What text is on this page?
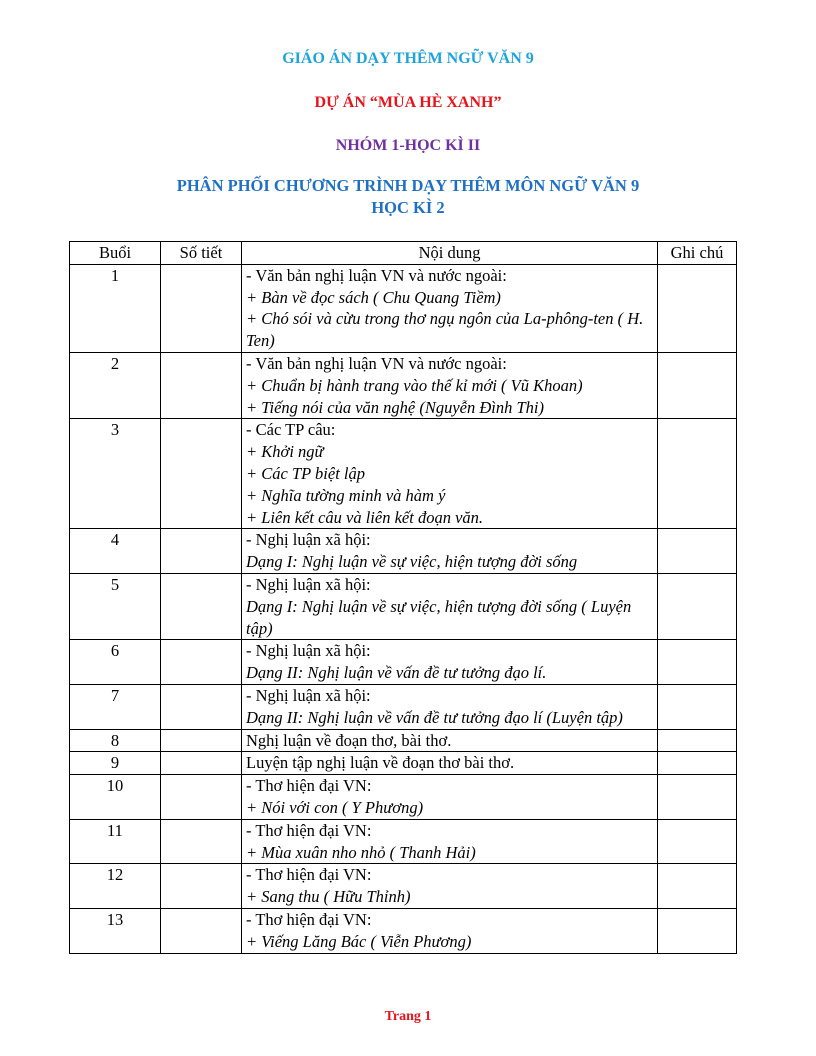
GIÁO ÁN DẠY THÊM NGỮ VĂN 9
DỰ ÁN “MÙA HÈ XANH”
NHÓM 1-HỌC KÌ II
PHÂN PHỐI CHƯƠNG TRÌNH DẠY THÊM MÔN NGỮ VĂN 9
HỌC KÌ 2
Buổi	Số tiết	Nội dung	Ghi chú
1		- Văn bản nghị luận VN và nước ngoài:
+ Bàn về đọc sách ( Chu Quang Tiềm)
+ Chó sói và cừu trong thơ ngụ ngôn của La-phông-ten ( H. Ten)	

2		- Văn bản nghị luận VN và nước ngoài:
+ Chuẩn bị hành trang vào thế kỉ mới ( Vũ Khoan)
+ Tiếng nói của văn nghệ (Nguyễn Đình Thi)	

3		- Các TP câu:
+ Khởi ngữ
+ Các TP biệt lập
+ Nghĩa tường minh và hàm ý
+ Liên kết câu và liên kết đoạn văn.	

4		- Nghị luận xã hội:
Dạng I: Nghị luận về sự việc, hiện tượng đời sống	

5		- Nghị luận xã hội:
Dạng I: Nghị luận về sự việc, hiện tượng đời sống ( Luyện tập)	

6		- Nghị luận xã hội:
Dạng II: Nghị luận về vấn đề tư tưởng đạo lí.	

7		- Nghị luận xã hội:
Dạng II: Nghị luận về vấn đề tư tưởng đạo lí (Luyện tập)	

8		Nghị luận về đoạn thơ, bài thơ.	

9		Luyện tập nghị luận về đoạn thơ bài thơ.	

10		- Thơ hiện đại VN:
+ Nói với con ( Y Phương)	

11		- Thơ hiện đại VN:
+ Mùa xuân nho nhỏ ( Thanh Hải)	

12		- Thơ hiện đại VN:
+ Sang thu ( Hữu Thỉnh)	

13		- Thơ hiện đại VN:
+ Viếng Lăng Bác ( Viễn Phương)	

Trang 1
